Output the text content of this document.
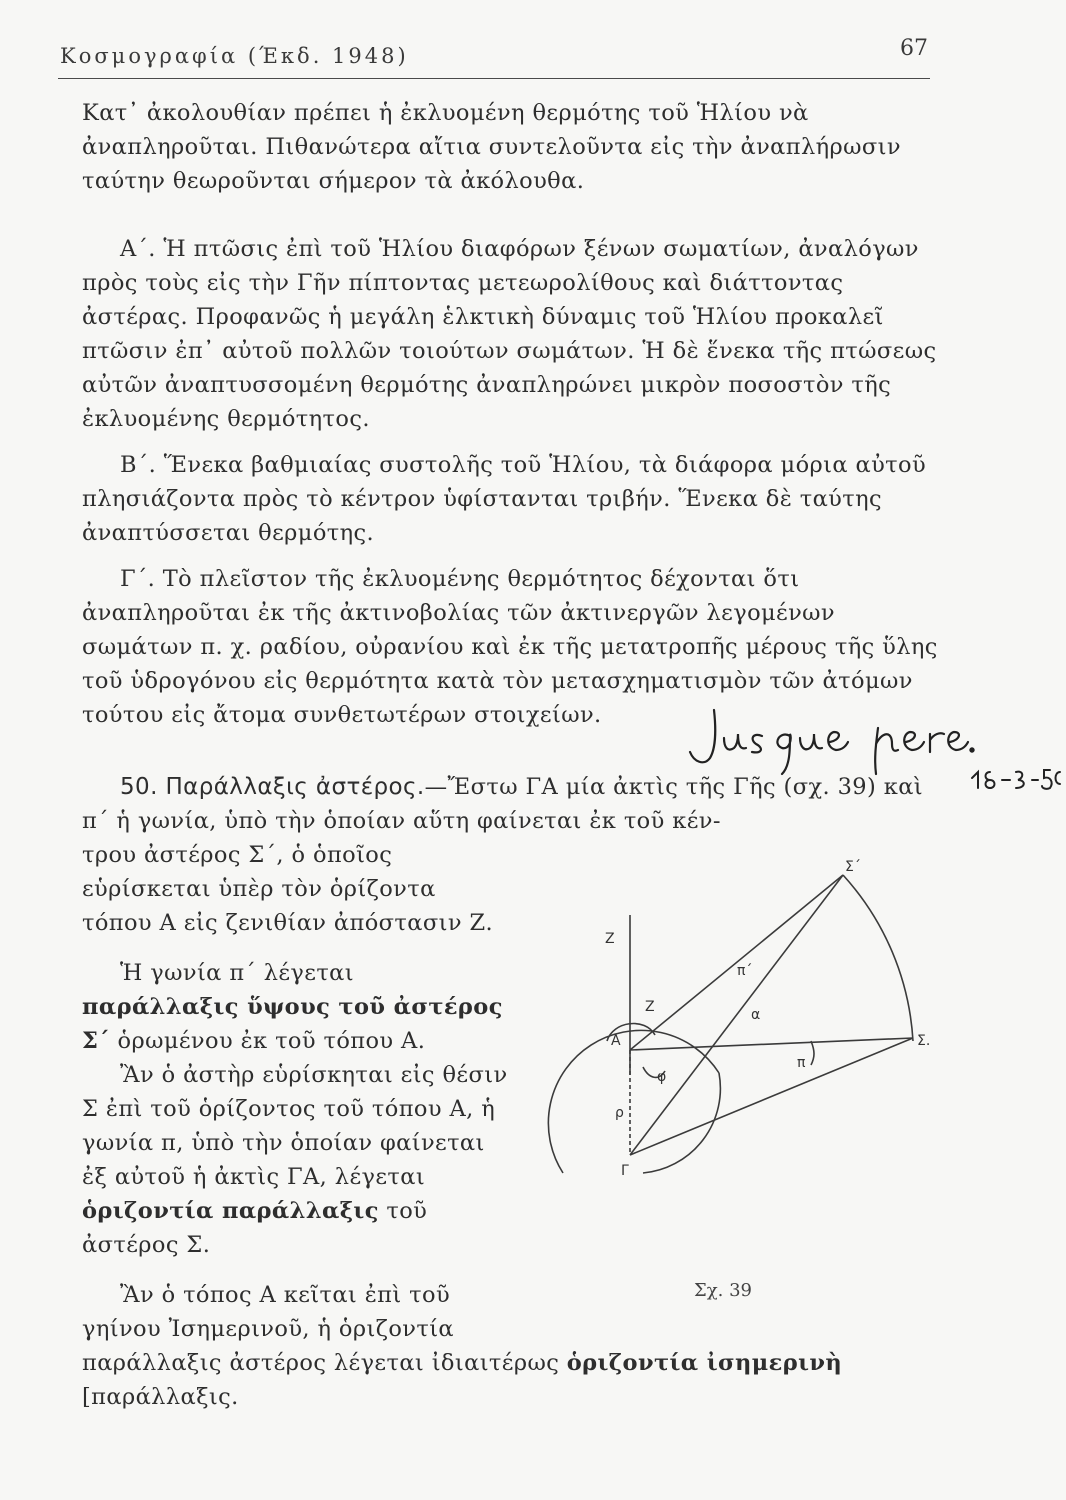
Κοσμογραφία (Έκδ. 1948)	67

Κατ᾽ ἀκολουθίαν πρέπει ἡ ἐκλυομένη θερμότης τοῦ Ἡλίου νὰ ἀναπληροῦται. Πιθανώτερα αἴτια συντελοῦντα εἰς τὴν ἀναπλήρωσιν ταύτην θεωροῦνται σήμερον τὰ ἀκόλουθα.

Α΄. Ἡ πτῶσις ἐπὶ τοῦ Ἡλίου διαφόρων ξένων σωματίων, ἀναλόγων πρὸς τοὺς εἰς τὴν Γῆν πίπτοντας μετεωρολίθους καὶ διάττοντας ἀστέρας. Προφανῶς ἡ μεγάλη ἑλκτικὴ δύναμις τοῦ Ἡλίου προκαλεῖ πτῶσιν ἐπ᾽ αὐτοῦ πολλῶν τοιούτων σωμάτων. Ἡ δὲ ἕνεκα τῆς πτώσεως αὐτῶν ἀναπτυσσομένη θερμότης ἀναπληρώνει μικρὸν ποσοστὸν τῆς ἐκλυομένης θερμότητος.

Β΄. Ἕνεκα βαθμιαίας συστολῆς τοῦ Ἡλίου, τὰ διάφορα μόρια αὐτοῦ πλησιάζοντα πρὸς τὸ κέντρον ὑφίστανται τριβήν. Ἕνεκα δὲ ταύτης ἀναπτύσσεται θερμότης.

Γ΄. Τὸ πλεῖστον τῆς ἐκλυομένης θερμότητος δέχονται ὅτι ἀναπληροῦται ἐκ τῆς ἀκτινοβολίας τῶν ἀκτινεργῶν λεγομένων σωμάτων π. χ. ραδίου, οὐρανίου καὶ ἐκ τῆς μετατροπῆς μέρους τῆς ὕλης τοῦ ὑδρογόνου εἰς θερμότητα κατὰ τὸν μετασχηματισμὸν τῶν ἀτόμων τούτου εἰς ἄτομα συνθετωτέρων στοιχείων.

50. Παράλλαξις ἀστέρος.—Ἔστω ΓΑ μία ἀκτὶς τῆς Γῆς (σχ. 39) καὶ π΄ ἡ γωνία, ὑπὸ τὴν ὁποίαν αὕτη φαίνεται ἐκ τοῦ κέν-

τρου ἀστέρος Σ΄, ὁ ὁποῖος εὑρίσκεται ὑπὲρ τὸν ὁρίζοντα τόπου Α εἰς ζενιθίαν ἀπόστασιν Ζ.

Ἡ γωνία π΄ λέγεται παράλλαξις ὕψους τοῦ ἀστέρος Σ΄ ὁρωμένου ἐκ τοῦ τόπου Α.

Ἂν ὁ ἀστὴρ εὑρίσκηται εἰς θέσιν Σ ἐπὶ τοῦ ὁρίζοντος τοῦ τόπου Α, ἡ γωνία π, ὑπὸ τὴν ὁποίαν φαίνεται ἐξ αὐτοῦ ἡ ἀκτὶς ΓΑ, λέγεται ὁριζοντία παράλλαξις τοῦ ἀστέρος Σ.

Ἂν ὁ τόπος Α κεῖται ἐπὶ τοῦ γηίνου Ἰσημερινοῦ, ἡ ὁριζοντία

παράλλαξις ἀστέρος λέγεται ἰδιαιτέρως ὁριζοντία ἰσημερινὴ [παράλλαξις.

Σ΄
Σ.
Ζ
Ζ
Α
ρ
Γ
π΄
π
α
φ
Σχ. 39
